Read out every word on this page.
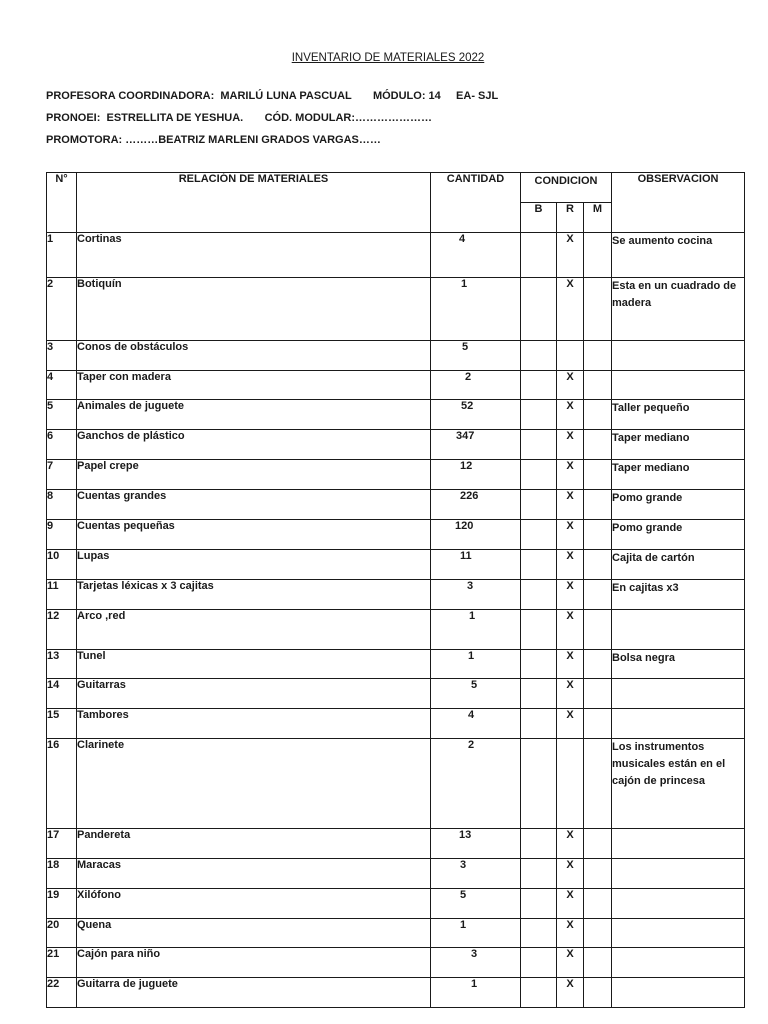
INVENTARIO DE MATERIALES 2022
PROFESORA COORDINADORA:  MARILÚ LUNA PASCUAL       MÓDULO: 14     EA- SJL
PRONOEI:  ESTRELLITA DE YESHUA.       CÓD. MODULAR:…………………
PROMOTORA: ………BEATRIZ MARLENI GRADOS VARGAS……
N°	RELACIÓN DE MATERIALES	CANTIDAD	CONDICION			OBSERVACION
			B	R	M	
1	Cortinas	4		X		Se aumento cocina
2	Botiquín	1		X		Esta en un cuadrado de madera
3	Conos de obstáculos	5				
4	Taper con madera	2		X		
5	Animales de juguete	52		X		Taller pequeño
6	Ganchos de plástico	347		X		Taper mediano
7	Papel crepe	12		X		Taper mediano
8	Cuentas grandes	226		X		Pomo grande
9	Cuentas pequeñas	120		X		Pomo grande
10	Lupas	11		X		Cajita de cartón
11	Tarjetas léxicas x 3 cajitas	3		X		En cajitas x3
12	Arco ,red	1		X		
13	Tunel	1		X		Bolsa negra
14	Guitarras	5		X		
15	Tambores	4		X		
16	Clarinete	2				Los instrumentos musicales están en el cajón de princesa
17	Pandereta	13		X		
18	Maracas	3		X		
19	Xilófono	5		X		
20	Quena	1		X		
21	Cajón para niño	3		X		
22	Guitarra de juguete	1		X		
